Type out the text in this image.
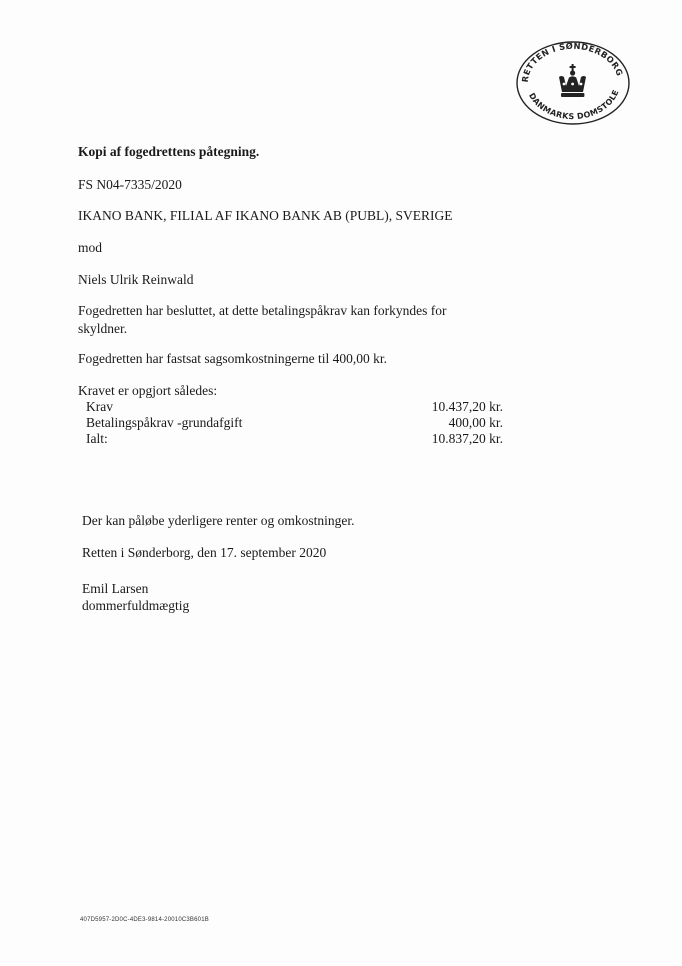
RETTEN I SØNDERBORG
DANMARKS DOMSTOLE
Kopi af fogedrettens påtegning.
FS N04-7335/2020
IKANO BANK, FILIAL AF IKANO BANK AB (PUBL), SVERIGE
mod
Niels Ulrik Reinwald
Fogedretten har besluttet, at dette betalingspåkrav kan forkyndes for skyldner.
Fogedretten har fastsat sagsomkostningerne til 400,00 kr.
Kravet er opgjort således:
Krav	10.437,20 kr.
Betalingspåkrav -grundafgift	400,00 kr.
Ialt:	10.837,20 kr.
Der kan påløbe yderligere renter og omkostninger.
Retten i Sønderborg, den 17. september 2020
Emil Larsen
dommerfuldmægtig
407D5957-2D0C-4DE3-9814-20010C3B601B
